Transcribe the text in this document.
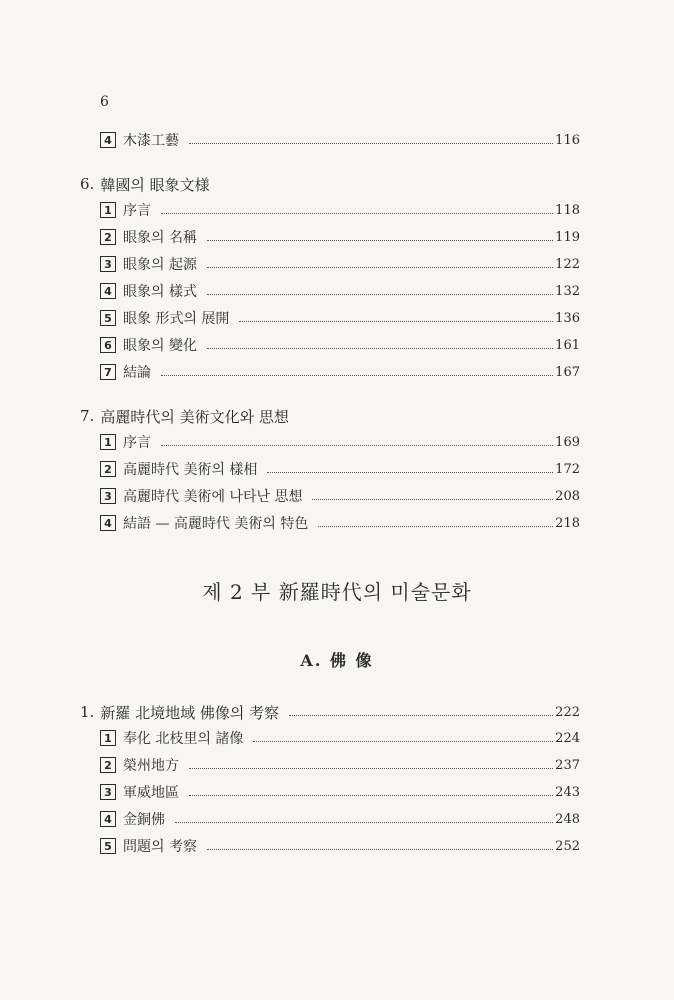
6
4 木漆工藝	116
6. 韓國의 眼象文様
1 序言	118
2 眼象의 名稱	119
3 眼象의 起源	122
4 眼象의 樣式	132
5 眼象 形式의 展開	136
6 眼象의 變化	161
7 結論	167
7. 高麗時代의 美術文化와 思想
1 序言	169
2 高麗時代 美術의 樣相	172
3 高麗時代 美術에 나타난 思想	208
4 結語 — 高麗時代 美術의 特色	218
1. 新羅 北境地域 佛像의 考察	222
1 奉化 北枝里의 諸像	224
2 榮州地方	237
3 軍威地區	243
4 金銅佛	248
5 問題의 考察	252
제 2 부 新羅時代의 미술문화
A. 佛 像
